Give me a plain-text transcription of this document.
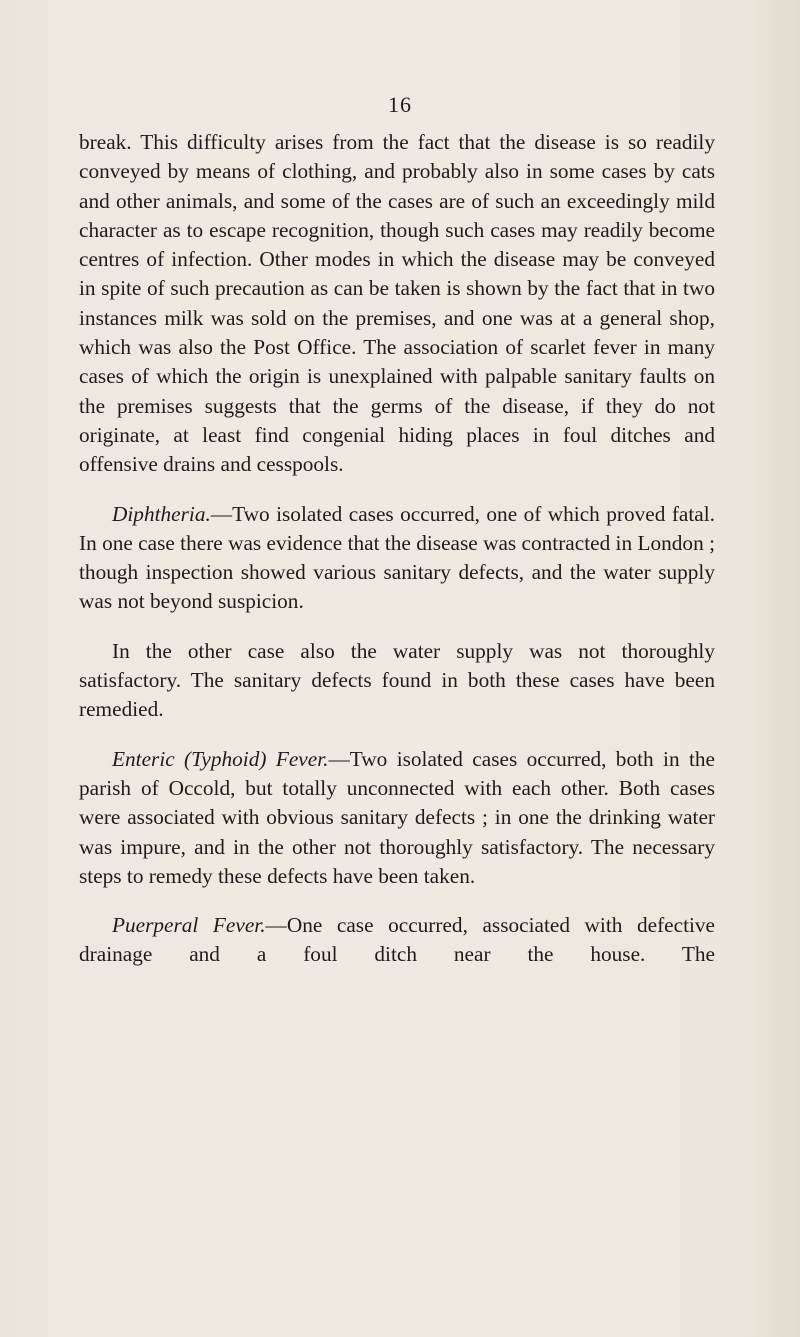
16

break. This difficulty arises from the fact that the disease is so readily conveyed by means of clothing, and probably also in some cases by cats and other animals, and some of the cases are of such an exceedingly mild character as to escape recognition, though such cases may readily become centres of infection. Other modes in which the disease may be conveyed in spite of such precaution as can be taken is shown by the fact that in two instances milk was sold on the premises, and one was at a general shop, which was also the Post Office. The association of scarlet fever in many cases of which the origin is unexplained with palpable sanitary faults on the premises suggests that the germs of the disease, if they do not originate, at least find congenial hiding places in foul ditches and offensive drains and cesspools.

Diphtheria.—Two isolated cases occurred, one of which proved fatal. In one case there was evidence that the disease was contracted in London ; though inspection showed various sanitary defects, and the water supply was not beyond suspicion.

In the other case also the water supply was not thoroughly satisfactory. The sanitary defects found in both these cases have been remedied.

Enteric (Typhoid) Fever.—Two isolated cases occurred, both in the parish of Occold, but totally unconnected with each other. Both cases were associated with obvious sanitary defects ; in one the drinking water was impure, and in the other not thoroughly satisfactory. The necessary steps to remedy these defects have been taken.

Puerperal Fever.—One case occurred, associated with defective drainage and a foul ditch near the house. The
